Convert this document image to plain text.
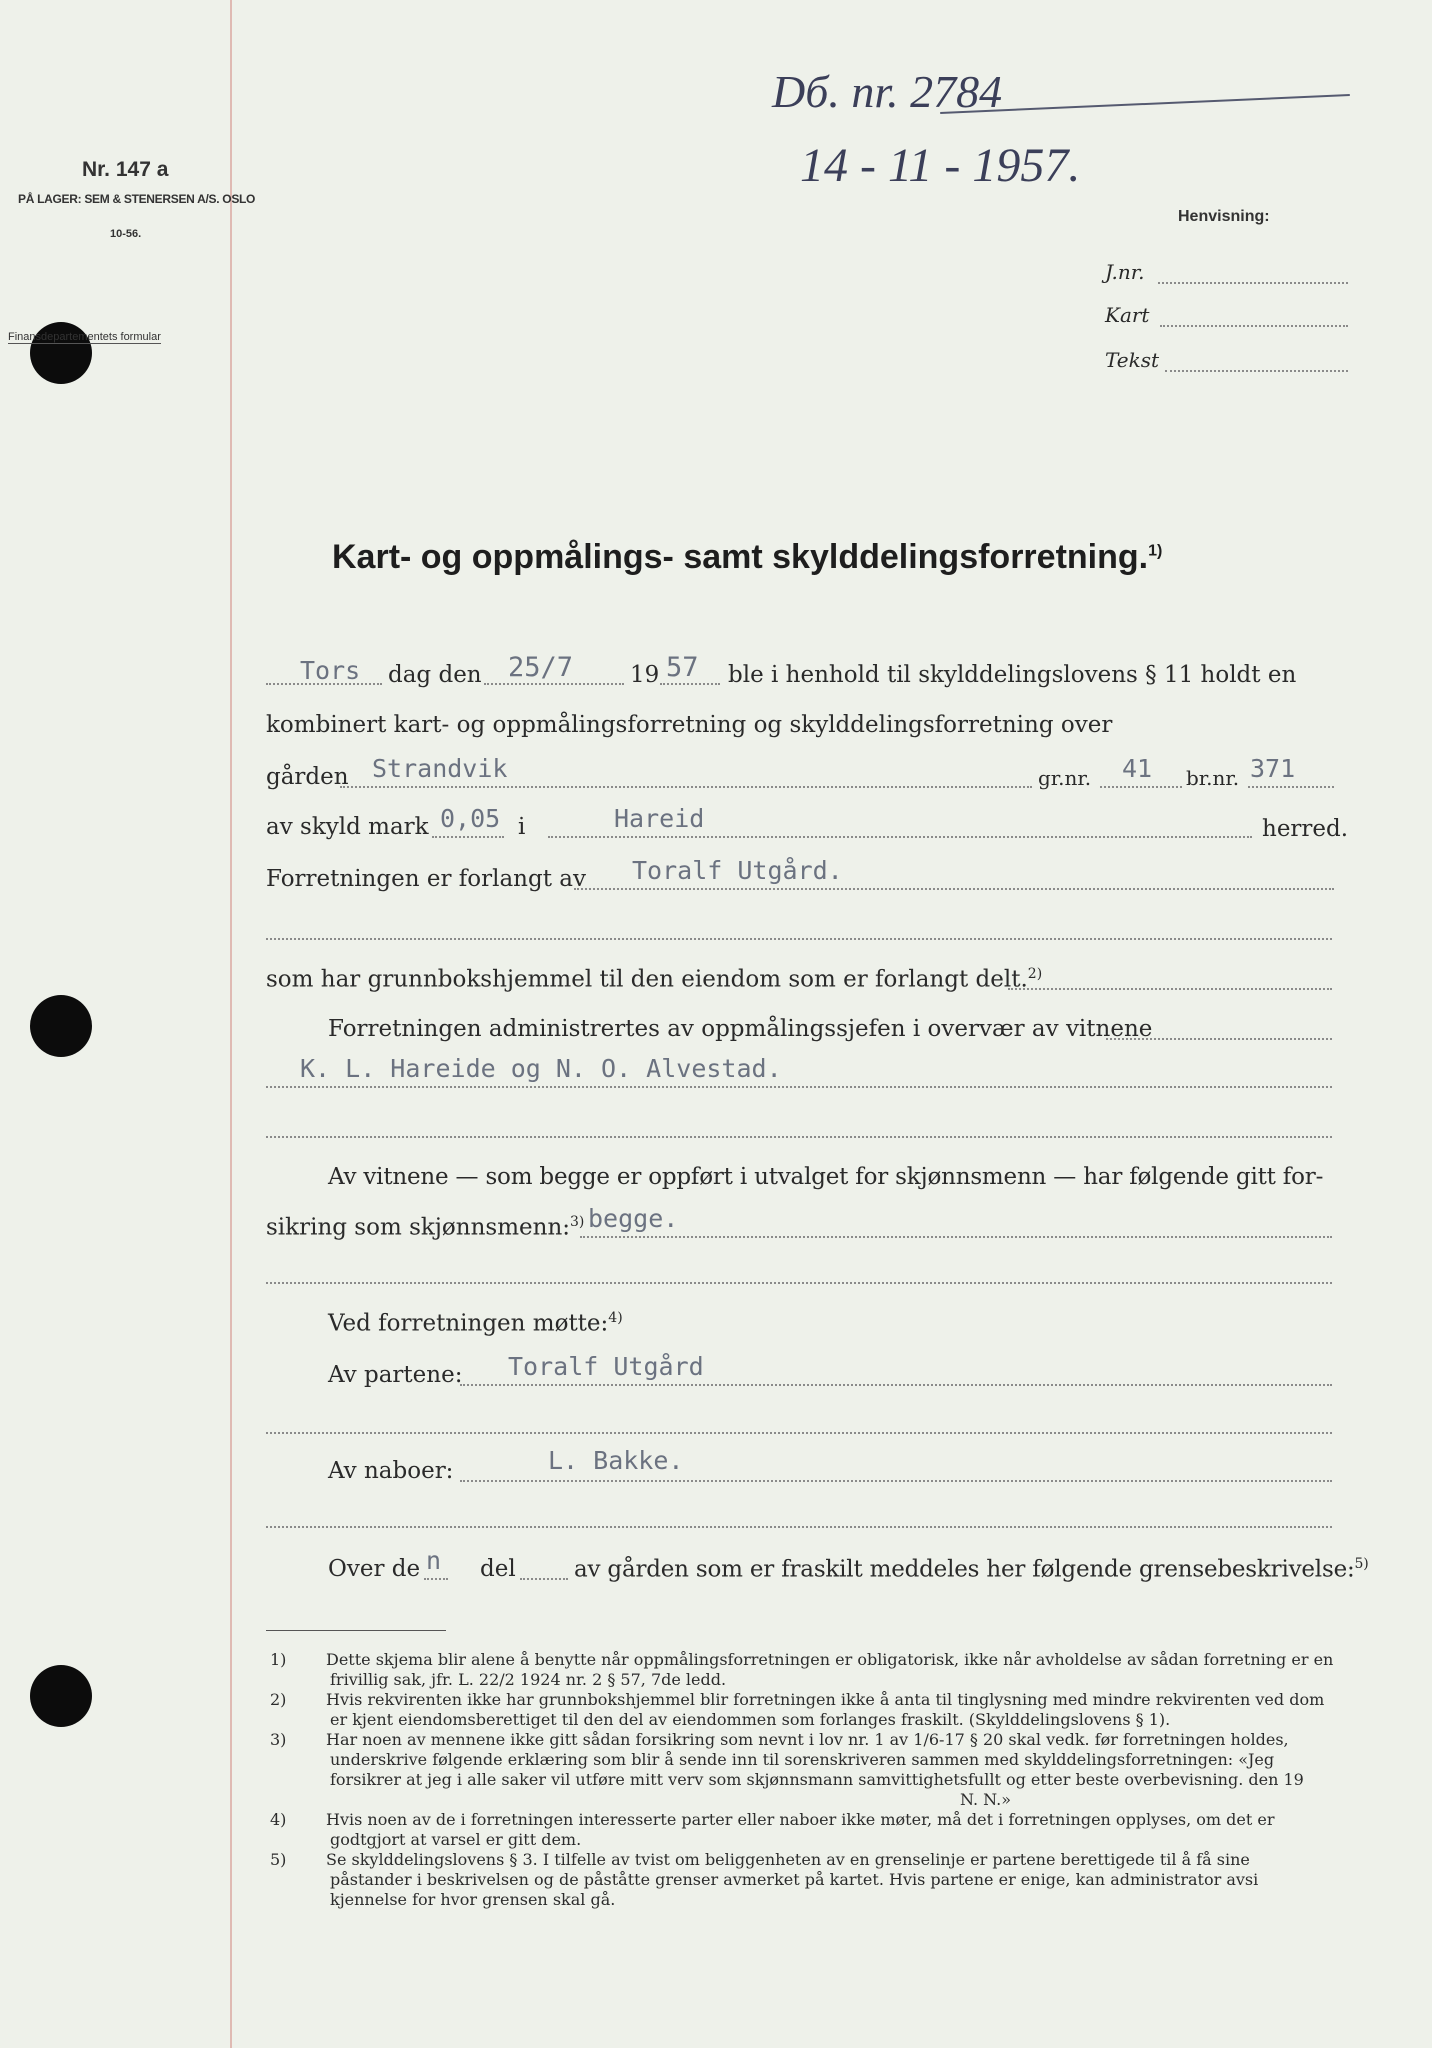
Nr. 147 a
PÅ LAGER: SEM & STENERSEN A/S. OSLO
10-56.
Finansdepartementets formular
Dб. nr. 2784
14 - 11 - 1957.
Henvisning:
J.nr.
Kart
Tekst
Kart- og oppmålings- samt skylddelingsforretning.$^{1)}$
Tors dag den 25/7 19 57 ble i henhold til skylddelingslovens § 11 holdt en
kombinert kart- og oppmålingsforretning og skylddelingsforretning over
gården Strandvik	gr.nr. 41 br.nr. 371
av skyld mark 0,05 i	Hareid	herred.
Forretningen er forlangt av Toralf Utgård.
som har grunnbokshjemmel til den eiendom som er forlangt delt.$^{2)}$
Forretningen administrertes av oppmålingssjefen i overvær av vitnene
K. L. Hareide og N. O. Alvestad.
Av vitnene — som begge er oppført i utvalget for skjønnsmenn — har følgende gitt for-
sikring som skjønnsmenn:$^{3)}$ begge.
Ved forretningen møtte:$^{4)}$
Av partene: Toralf Utgård
Av naboer:	L. Bakke.
Over de n del	av gården som er fraskilt meddeles her følgende grensebeskrivelse:$^{5)}$
1) Dette skjema blir alene å benytte når oppmålingsforretningen er obligatorisk, ikke når avholdelse av sådan forretning er en frivillig sak, jfr. L. 22/2 1924 nr. 2 § 57, 7de ledd.
2) Hvis rekvirenten ikke har grunnbokshjemmel blir forretningen ikke å anta til tinglysning med mindre rekvirenten ved dom er kjent eiendomsberettiget til den del av eiendommen som forlanges fraskilt. (Skylddelingslovens § 1).
3) Har noen av mennene ikke gitt sådan forsikring som nevnt i lov nr. 1 av 1/6-17 § 20 skal vedk. før forretningen holdes, underskrive følgende erklæring som blir å sende inn til sorenskriveren sammen med skylddelingsforretningen: «Jeg forsikrer at jeg i alle saker vil utføre mitt verv som skjønnsmann samvittighetsfullt og etter beste overbevisning. den 19
N. N.»
4) Hvis noen av de i forretningen interesserte parter eller naboer ikke møter, må det i forretningen opplyses, om det er godtgjort at varsel er gitt dem.
5) Se skylddelingslovens § 3. I tilfelle av tvist om beliggenheten av en grenselinje er partene berettigede til å få sine påstander i beskrivelsen og de påståtte grenser avmerket på kartet. Hvis partene er enige, kan administrator avsi kjennelse for hvor grensen skal gå.
